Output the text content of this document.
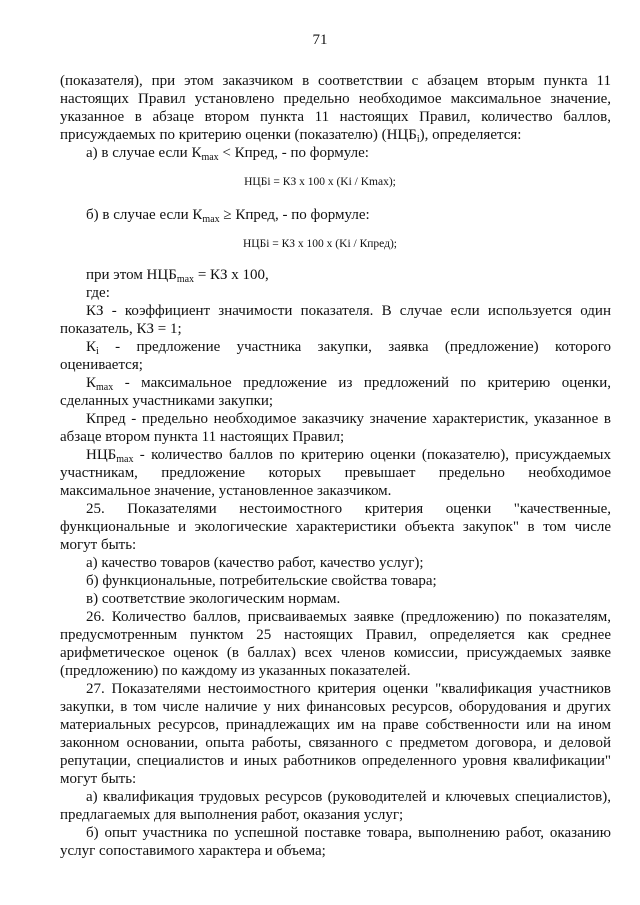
71
(показателя), при этом заказчиком в соответствии с абзацем вторым пункта 11
настоящих Правил установлено предельно необходимое максимальное значение,
указанное в абзаце втором пункта 11 настоящих Правил, количество баллов,
присуждаемых по критерию оценки (показателю) $(НЦБ_i)$, определяется:
а) в случае если $К_{max}$ < Кпред, - по формуле:
НЦБi = КЗ x 100 x (Ki / Kmax);
б) в случае если $К_{max}$ ≥ Кпред, - по формуле:
НЦБi = КЗ x 100 x (Ki / Кпред);
при этом $НЦБ_{max}$ = КЗ x 100,
где:
КЗ - коэффициент значимости показателя. В случае если используется один
показатель, КЗ = 1;
$К_i$ - предложение участника закупки, заявка (предложение) которого
оценивается;
$К_{max}$ - максимальное предложение из предложений по критерию оценки,
сделанных участниками закупки;
Кпред - предельно необходимое заказчику значение характеристик, указанное в
абзаце втором пункта 11 настоящих Правил;
$НЦБ_{max}$ - количество баллов по критерию оценки (показателю), присуждаемых
участникам, предложение которых превышает предельно необходимое
максимальное значение, установленное заказчиком.
25. Показателями нестоимостного критерия оценки "качественные,
функциональные и экологические характеристики объекта закупок" в том числе
могут быть:
а) качество товаров (качество работ, качество услуг);
б) функциональные, потребительские свойства товара;
в) соответствие экологическим нормам.
26. Количество баллов, присваиваемых заявке (предложению) по показателям,
предусмотренным пунктом 25 настоящих Правил, определяется как среднее
арифметическое оценок (в баллах) всех членов комиссии, присуждаемых заявке
(предложению) по каждому из указанных показателей.
27. Показателями нестоимостного критерия оценки "квалификация участников
закупки, в том числе наличие у них финансовых ресурсов, оборудования и других
материальных ресурсов, принадлежащих им на праве собственности или на ином
законном основании, опыта работы, связанного с предметом договора, и деловой
репутации, специалистов и иных работников определенного уровня квалификации"
могут быть:
а) квалификация трудовых ресурсов (руководителей и ключевых специалистов),
предлагаемых для выполнения работ, оказания услуг;
б) опыт участника по успешной поставке товара, выполнению работ, оказанию
услуг сопоставимого характера и объема;
